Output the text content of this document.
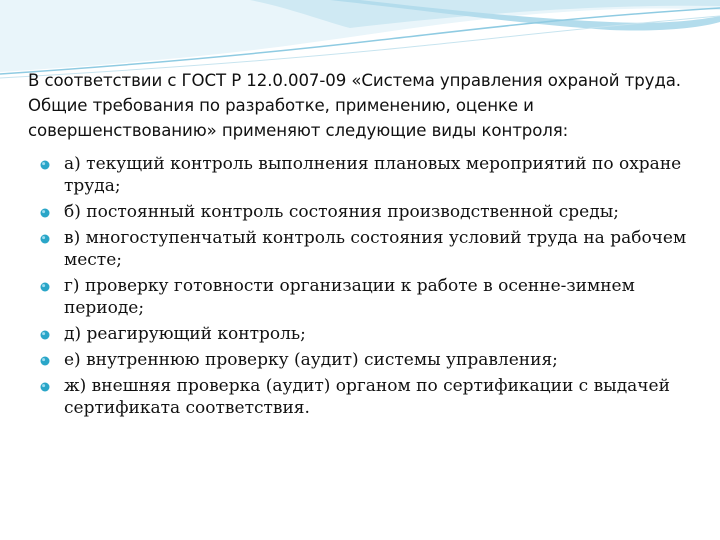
В соответствии с ГОСТ Р 12.0.007-09 «Система управления охраной труда. Общие требования по разработке, применению, оценке и совершенствованию» применяют следующие виды контроля:

а) текущий контроль выполнения плановых мероприятий по охране труда;
б) постоянный контроль состояния производственной среды;
в) многоступенчатый контроль состояния условий труда на рабочем месте;
г) проверку готовности организации к работе в осенне-зимнем периоде;
д) реагирующий контроль;
е) внутреннюю проверку (аудит) системы управления;
ж) внешняя проверка (аудит) органом по сертификации с выдачей сертификата соответствия.
